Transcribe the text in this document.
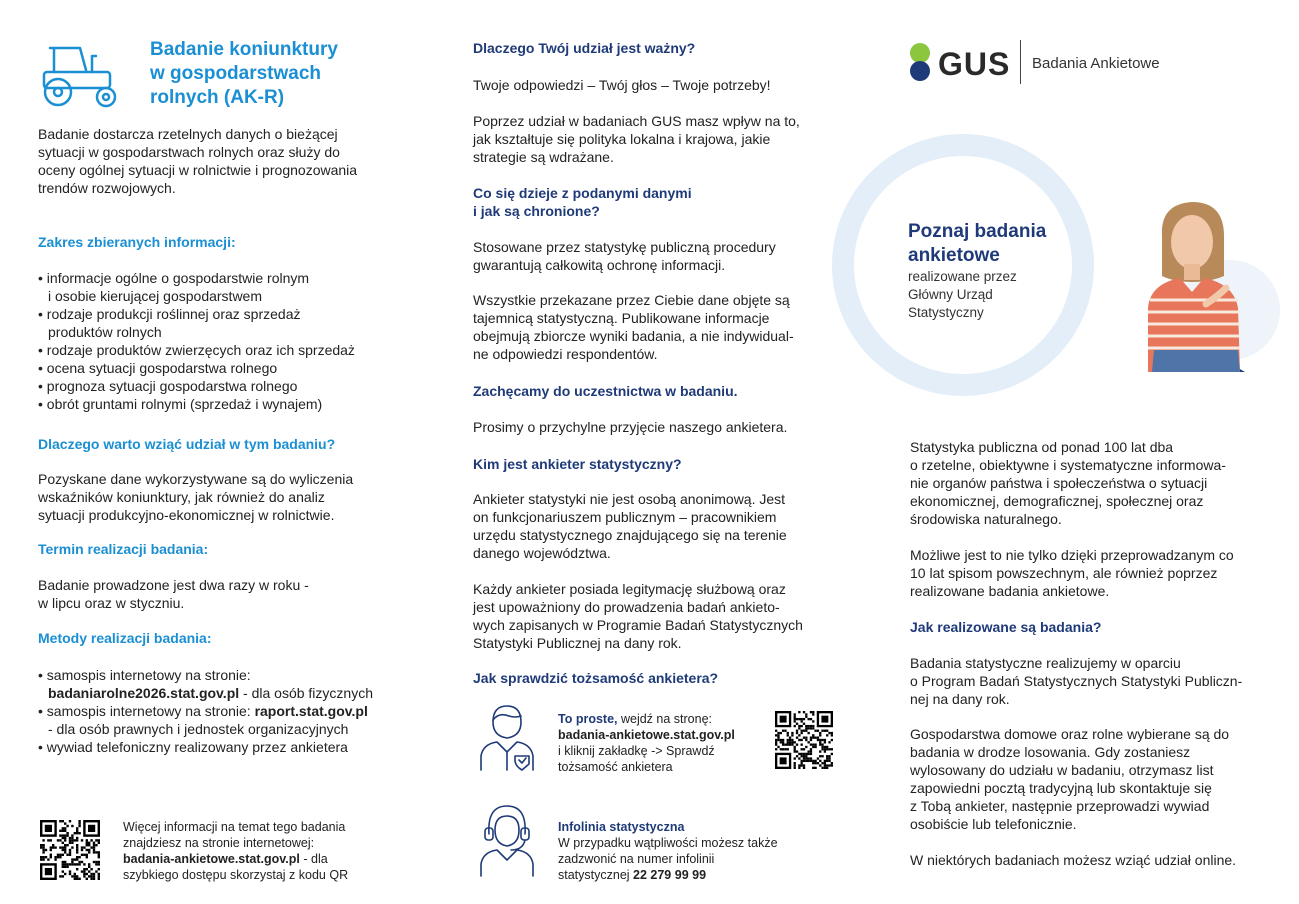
Badanie koniunktury
w gospodarstwach
rolnych (AK-R)

Badanie dostarcza rzetelnych danych o bieżącej
sytuacji w gospodarstwach rolnych oraz służy do
oceny ogólnej sytuacji w rolnictwie i prognozowania
trendów rozwojowych.

Zakres zbieranych informacji:
• informacje ogólne o gospodarstwie rolnym
i osobie kierującej gospodarstwem
• rodzaje produkcji roślinnej oraz sprzedaż
produktów rolnych
• rodzaje produktów zwierzęcych oraz ich sprzedaż
• ocena sytuacji gospodarstwa rolnego
• prognoza sytuacji gospodarstwa rolnego
• obrót gruntami rolnymi (sprzedaż i wynajem)
Dlaczego warto wziąć udział w tym badaniu?

Pozyskane dane wykorzystywane są do wyliczenia
wskaźników koniunktury, jak również do analiz
sytuacji produkcyjno-ekonomicznej w rolnictwie.

Termin realizacji badania:

Badanie prowadzone jest dwa razy w roku -
w lipcu oraz w styczniu.

Metody realizacji badania:
• samospis internetowy na stronie:
badaniarolne2026.stat.gov.pl - dla osób fizycznych
• samospis internetowy na stronie: raport.stat.gov.pl
- dla osób prawnych i jednostek organizacyjnych
• wywiad telefoniczny realizowany przez ankietera

Więcej informacji na temat tego badania
znajdziesz na stronie internetowej:
badania-ankietowe.stat.gov.pl - dla
szybkiego dostępu skorzystaj z kodu QR

Dlaczego Twój udział jest ważny?

Twoje odpowiedzi – Twój głos – Twoje potrzeby!

Poprzez udział w badaniach GUS masz wpływ na to,
jak kształtuje się polityka lokalna i krajowa, jakie
strategie są wdrażane.

Co się dzieje z podanymi danymi
i jak są chronione?

Stosowane przez statystykę publiczną procedury
gwarantują całkowitą ochronę informacji.

Wszystkie przekazane przez Ciebie dane objęte są
tajemnicą statystyczną. Publikowane informacje
obejmują zbiorcze wyniki badania, a nie indywidual-
ne odpowiedzi respondentów.

Zachęcamy do uczestnictwa w badaniu.

Prosimy o przychylne przyjęcie naszego ankietera.

Kim jest ankieter statystyczny?

Ankieter statystyki nie jest osobą anonimową. Jest
on funkcjonariuszem publicznym – pracownikiem
urzędu statystycznego znajdującego się na terenie
danego województwa.

Każdy ankieter posiada legitymację służbową oraz
jest upoważniony do prowadzenia badań ankieto-
wych zapisanych w Programie Badań Statystycznych
Statystyki Publicznej na dany rok.

Jak sprawdzić tożsamość ankietera?

To proste, wejdź na stronę:
badania-ankietowe.stat.gov.pl
i kliknij zakładkę -> Sprawdź
tożsamość ankietera

Infolinia statystyczna
W przypadku wątpliwości możesz także
zadzwonić na numer infolinii
statystycznej 22 279 99 99

GUS Badania Ankietowe
Poznaj badania
ankietowe

realizowane przez
Główny Urząd
Statystyczny

Statystyka publiczna od ponad 100 lat dba
o rzetelne, obiektywne i systematyczne informowa-
nie organów państwa i społeczeństwa o sytuacji
ekonomicznej, demograficznej, społecznej oraz
środowiska naturalnego.

Możliwe jest to nie tylko dzięki przeprowadzanym co
10 lat spisom powszechnym, ale również poprzez
realizowane badania ankietowe.

Jak realizowane są badania?

Badania statystyczne realizujemy w oparciu
o Program Badań Statystycznych Statystyki Publiczn-
nej na dany rok.

Gospodarstwa domowe oraz rolne wybierane są do
badania w drodze losowania. Gdy zostaniesz
wylosowany do udziału w badaniu, otrzymasz list
zapowiedni pocztą tradycyjną lub skontaktuje się
z Tobą ankieter, następnie przeprowadzi wywiad
osobiście lub telefonicznie.

W niektórych badaniach możesz wziąć udział online.
